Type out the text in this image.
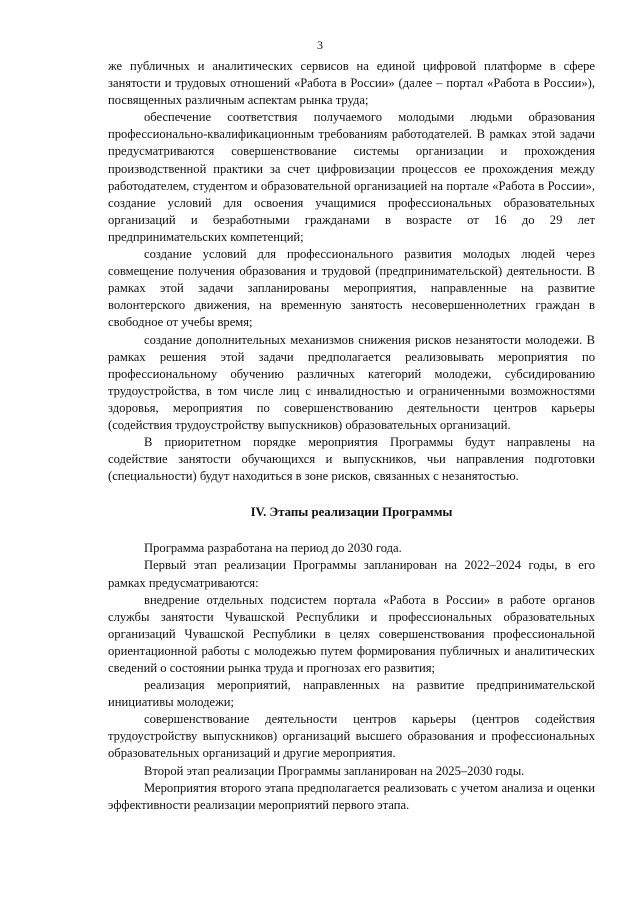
3

же публичных и аналитических сервисов на единой цифровой платформе в сфере занятости и трудовых отношений «Работа в России» (далее – портал «Работа в России»), посвященных различным аспектам рынка труда;

обеспечение соответствия получаемого молодыми людьми образования профессионально-квалификационным требованиям работодателей. В рамках этой задачи предусматриваются совершенствование системы организации и прохождения производственной практики за счет цифровизации процессов ее прохождения между работодателем, студентом и образовательной организацией на портале «Работа в России», создание условий для освоения учащимися профессиональных образовательных организаций и безработными гражданами в возрасте от 16 до 29 лет предпринимательских компетенций;

создание условий для профессионального развития молодых людей через совмещение получения образования и трудовой (предпринимательской) деятельности. В рамках этой задачи запланированы мероприятия, направленные на развитие волонтерского движения, на временную занятость несовершеннолетних граждан в свободное от учебы время;

создание дополнительных механизмов снижения рисков незанятости молодежи. В рамках решения этой задачи предполагается реализовывать мероприятия по профессиональному обучению различных категорий молодежи, субсидированию трудоустройства, в том числе лиц с инвалидностью и ограниченными возможностями здоровья, мероприятия по совершенствованию деятельности центров карьеры (содействия трудоустройству выпускников) образовательных организаций.

В приоритетном порядке мероприятия Программы будут направлены на содействие занятости обучающихся и выпускников, чьи направления подготовки (специальности) будут находиться в зоне рисков, связанных с незанятостью.

IV. Этапы реализации Программы

Программа разработана на период до 2030 года.

Первый этап реализации Программы запланирован на 2022–2024 годы, в его рамках предусматриваются:

внедрение отдельных подсистем портала «Работа в России» в работе органов службы занятости Чувашской Республики и профессиональных образовательных организаций Чувашской Республики в целях совершенствования профессиональной ориентационной работы с молодежью путем формирования публичных и аналитических сведений о состоянии рынка труда и прогнозах его развития;

реализация мероприятий, направленных на развитие предпринимательской инициативы молодежи;

совершенствование деятельности центров карьеры (центров содействия трудоустройству выпускников) организаций высшего образования и профессиональных образовательных организаций и другие мероприятия.

Второй этап реализации Программы запланирован на 2025–2030 годы.

Мероприятия второго этапа предполагается реализовать с учетом анализа и оценки эффективности реализации мероприятий первого этапа.
